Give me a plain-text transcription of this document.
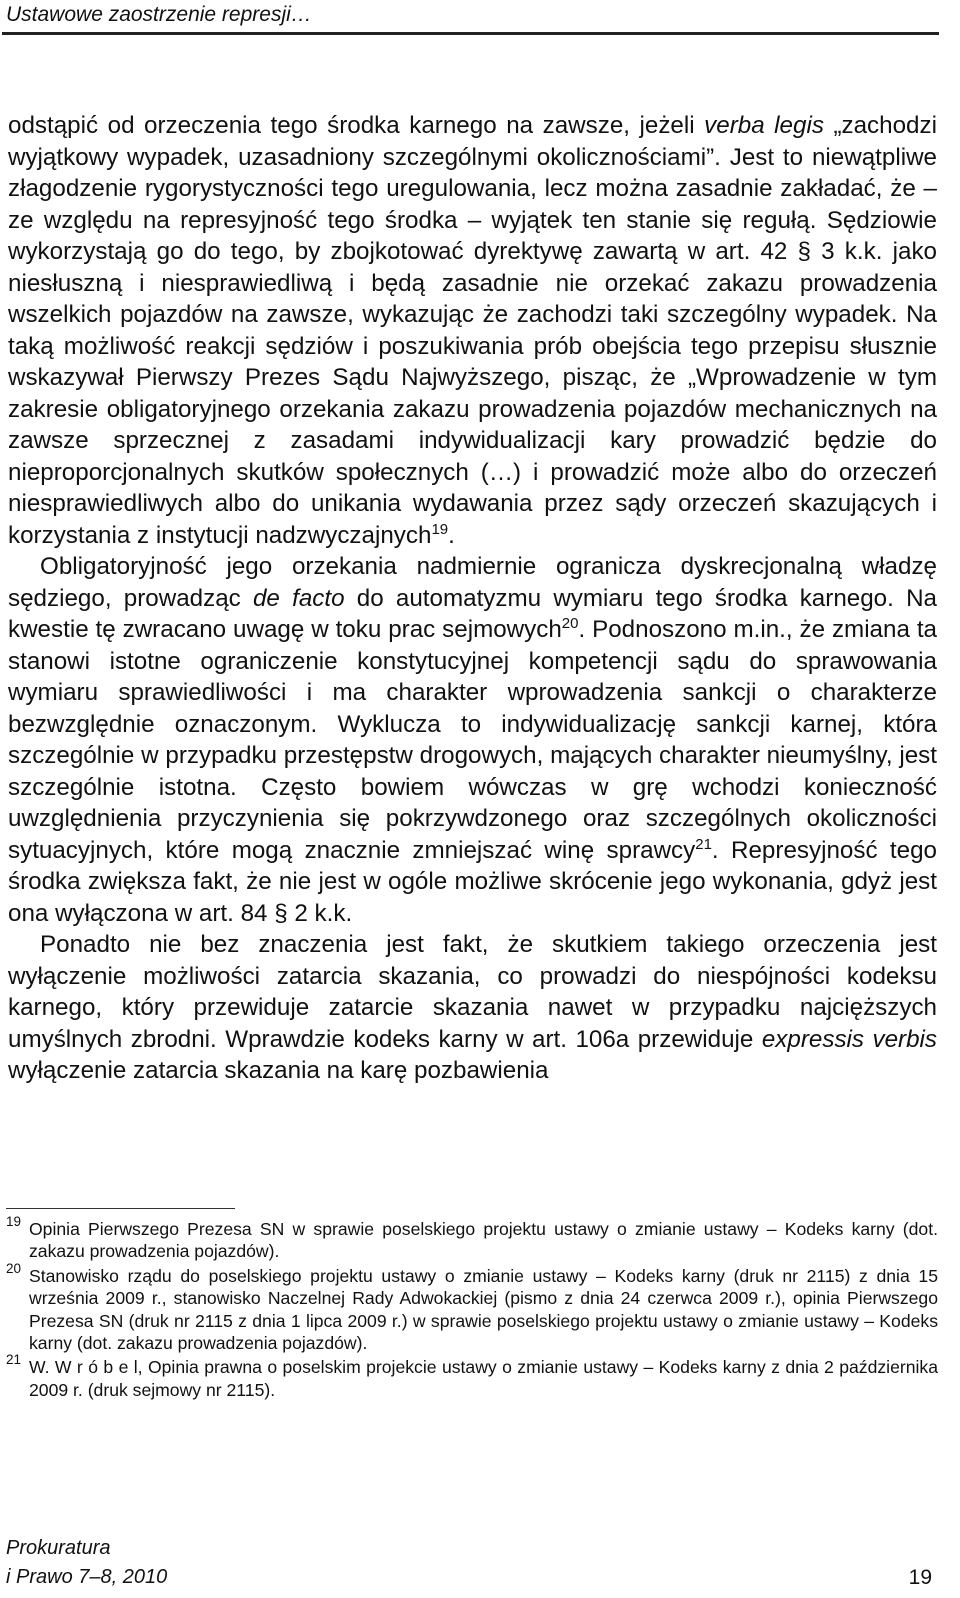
Ustawowe zaostrzenie represji…

odstąpić od orzeczenia tego środka karnego na zawsze, jeżeli verba legis „zachodzi wyjątkowy wypadek, uzasadniony szczególnymi okolicznościami”. Jest to niewątpliwe złagodzenie rygorystyczności tego uregulowania, lecz można zasadnie zakładać, że – ze względu na represyjność tego środka – wyjątek ten stanie się regułą. Sędziowie wykorzystają go do tego, by zbojkotować dyrektywę zawartą w art. 42 § 3 k.k. jako niesłuszną i niesprawiedliwą i będą zasadnie nie orzekać zakazu prowadzenia wszelkich pojazdów na zawsze, wykazując że zachodzi taki szczególny wypadek. Na taką możliwość reakcji sędziów i poszukiwania prób obejścia tego przepisu słusznie wskazywał Pierwszy Prezes Sądu Najwyższego, pisząc, że „Wprowadzenie w tym zakresie obligatoryjnego orzekania zakazu prowadzenia pojazdów mechanicznych na zawsze sprzecznej z zasadami indywidualizacji kary prowadzić będzie do nieproporcjonalnych skutków społecznych (…) i prowadzić może albo do orzeczeń niesprawiedliwych albo do unikania wydawania przez sądy orzeczeń skazujących i korzystania z instytucji nadzwyczajnych$^{19}$.

Obligatoryjność jego orzekania nadmiernie ogranicza dyskrecjonalną władzę sędziego, prowadząc de facto do automatyzmu wymiaru tego środka karnego. Na kwestie tę zwracano uwagę w toku prac sejmowych$^{20}$. Podnoszono m.in., że zmiana ta stanowi istotne ograniczenie konstytucyjnej kompetencji sądu do sprawowania wymiaru sprawiedliwości i ma charakter wprowadzenia sankcji o charakterze bezwzględnie oznaczonym. Wyklucza to indywidualizację sankcji karnej, która szczególnie w przypadku przestępstw drogowych, mających charakter nieumyślny, jest szczególnie istotna. Często bowiem wówczas w grę wchodzi konieczność uwzględnienia przyczynienia się pokrzywdzonego oraz szczególnych okoliczności sytuacyjnych, które mogą znacznie zmniejszać winę sprawcy$^{21}$. Represyjność tego środka zwiększa fakt, że nie jest w ogóle możliwe skrócenie jego wykonania, gdyż jest ona wyłączona w art. 84 § 2 k.k.

Ponadto nie bez znaczenia jest fakt, że skutkiem takiego orzeczenia jest wyłączenie możliwości zatarcia skazania, co prowadzi do niespójności kodeksu karnego, który przewiduje zatarcie skazania nawet w przypadku najcięższych umyślnych zbrodni. Wprawdzie kodeks karny w art. 106a przewiduje expressis verbis wyłączenie zatarcia skazania na karę pozbawienia

19 Opinia Pierwszego Prezesa SN w sprawie poselskiego projektu ustawy o zmianie ustawy – Kodeks karny (dot. zakazu prowadzenia pojazdów).
20 Stanowisko rządu do poselskiego projektu ustawy o zmianie ustawy – Kodeks karny (druk nr 2115) z dnia 15 września 2009 r., stanowisko Naczelnej Rady Adwokackiej (pismo z dnia 24 czerwca 2009 r.), opinia Pierwszego Prezesa SN (druk nr 2115 z dnia 1 lipca 2009 r.) w sprawie poselskiego projektu ustawy o zmianie ustawy – Kodeks karny (dot. zakazu prowadzenia pojazdów).
21 W. W r ó b e l, Opinia prawna o poselskim projekcie ustawy o zmianie ustawy – Kodeks karny z dnia 2 października 2009 r. (druk sejmowy nr 2115).
Prokuratura
i Prawo 7–8, 2010	19
